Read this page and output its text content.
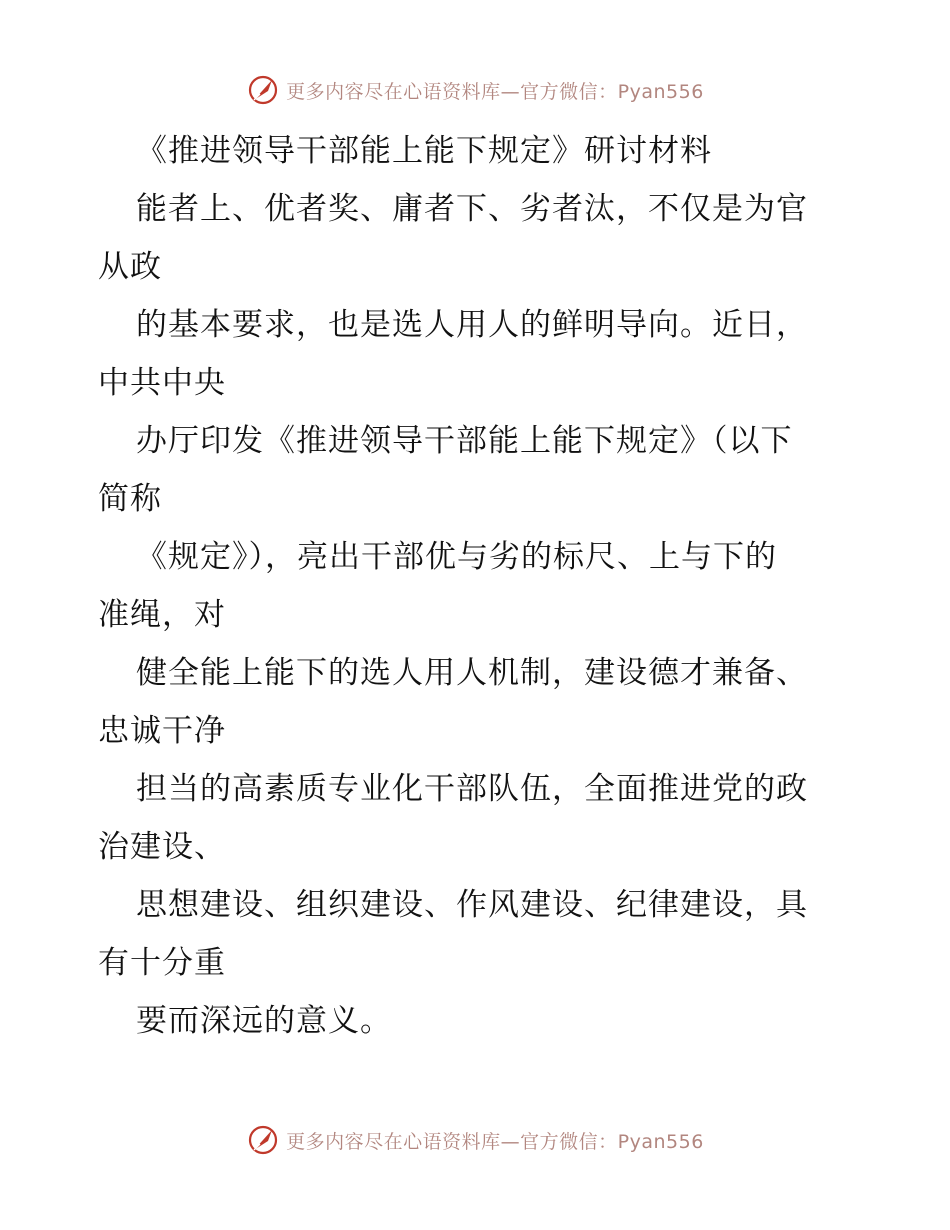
更多内容尽在心语资料库—官方微信：Pyan556
《推进领导干部能上能下规定》研讨材料

能者上、优者奖、庸者下、劣者汰，不仅是为官

从政

的基本要求，也是选人用人的鲜明导向。近日，

中共中央

办厅印发《推进领导干部能上能下规定》（以下

简称

《规定》），亮出干部优与劣的标尺、上与下的

准绳，对

健全能上能下的选人用人机制，建设德才兼备、

忠诚干净

担当的高素质专业化干部队伍，全面推进党的政

治建设、

思想建设、组织建设、作风建设、纪律建设，具

有十分重

要而深远的意义。

更多内容尽在心语资料库—官方微信：Pyan556
